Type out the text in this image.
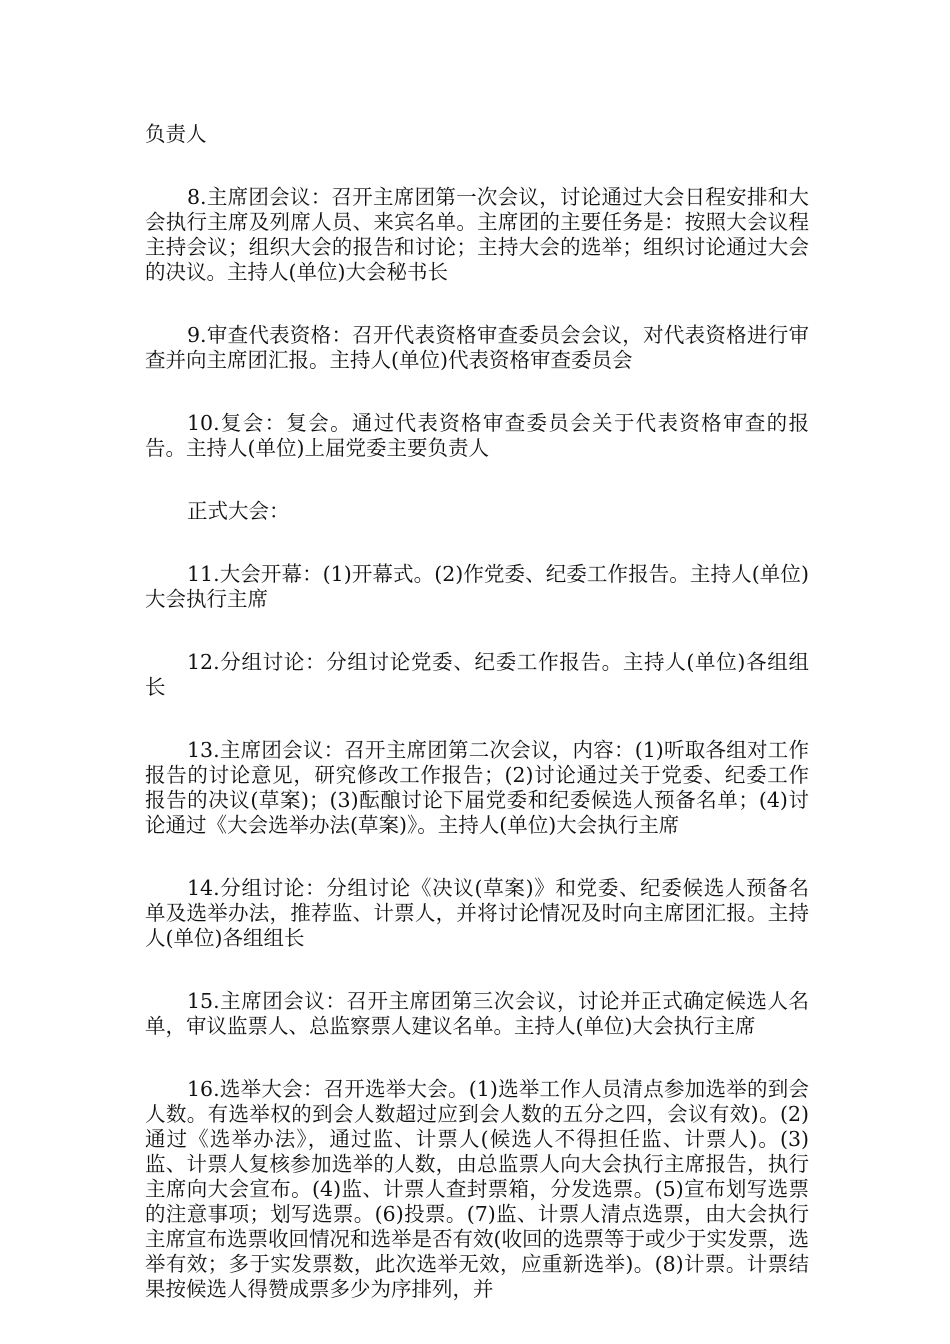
负责人

8.主席团会议：召开主席团第一次会议，讨论通过大会日程安排和大会执行主席及列席人员、来宾名单。主席团的主要任务是：按照大会议程主持会议；组织大会的报告和讨论；主持大会的选举；组织讨论通过大会的决议。主持人(单位)大会秘书长

9.审查代表资格：召开代表资格审查委员会会议，对代表资格进行审查并向主席团汇报。主持人(单位)代表资格审查委员会

10.复会：复会。通过代表资格审查委员会关于代表资格审查的报告。主持人(单位)上届党委主要负责人

正式大会：

11.大会开幕：(1)开幕式。(2)作党委、纪委工作报告。主持人(单位)大会执行主席

12.分组讨论：分组讨论党委、纪委工作报告。主持人(单位)各组组长

13.主席团会议：召开主席团第二次会议，内容：(1)听取各组对工作报告的讨论意见，研究修改工作报告；(2)讨论通过关于党委、纪委工作报告的决议(草案)；(3)酝酿讨论下届党委和纪委候选人预备名单；(4)讨论通过《大会选举办法(草案)》。主持人(单位)大会执行主席

14.分组讨论：分组讨论《决议(草案)》和党委、纪委候选人预备名单及选举办法，推荐监、计票人，并将讨论情况及时向主席团汇报。主持人(单位)各组组长

15.主席团会议：召开主席团第三次会议，讨论并正式确定候选人名单，审议监票人、总监察票人建议名单。主持人(单位)大会执行主席

16.选举大会：召开选举大会。(1)选举工作人员清点参加选举的到会人数。有选举权的到会人数超过应到会人数的五分之四，会议有效)。(2)通过《选举办法》，通过监、计票人(候选人不得担任监、计票人)。(3)监、计票人复核参加选举的人数，由总监票人向大会执行主席报告，执行主席向大会宣布。(4)监、计票人查封票箱，分发选票。(5)宣布划写选票的注意事项；划写选票。(6)投票。(7)监、计票人清点选票，由大会执行主席宣布选票收回情况和选举是否有效(收回的选票等于或少于实发票，选举有效；多于实发票数，此次选举无效，应重新选举)。(8)计票。计票结果按候选人得赞成票多少为序排列，并
